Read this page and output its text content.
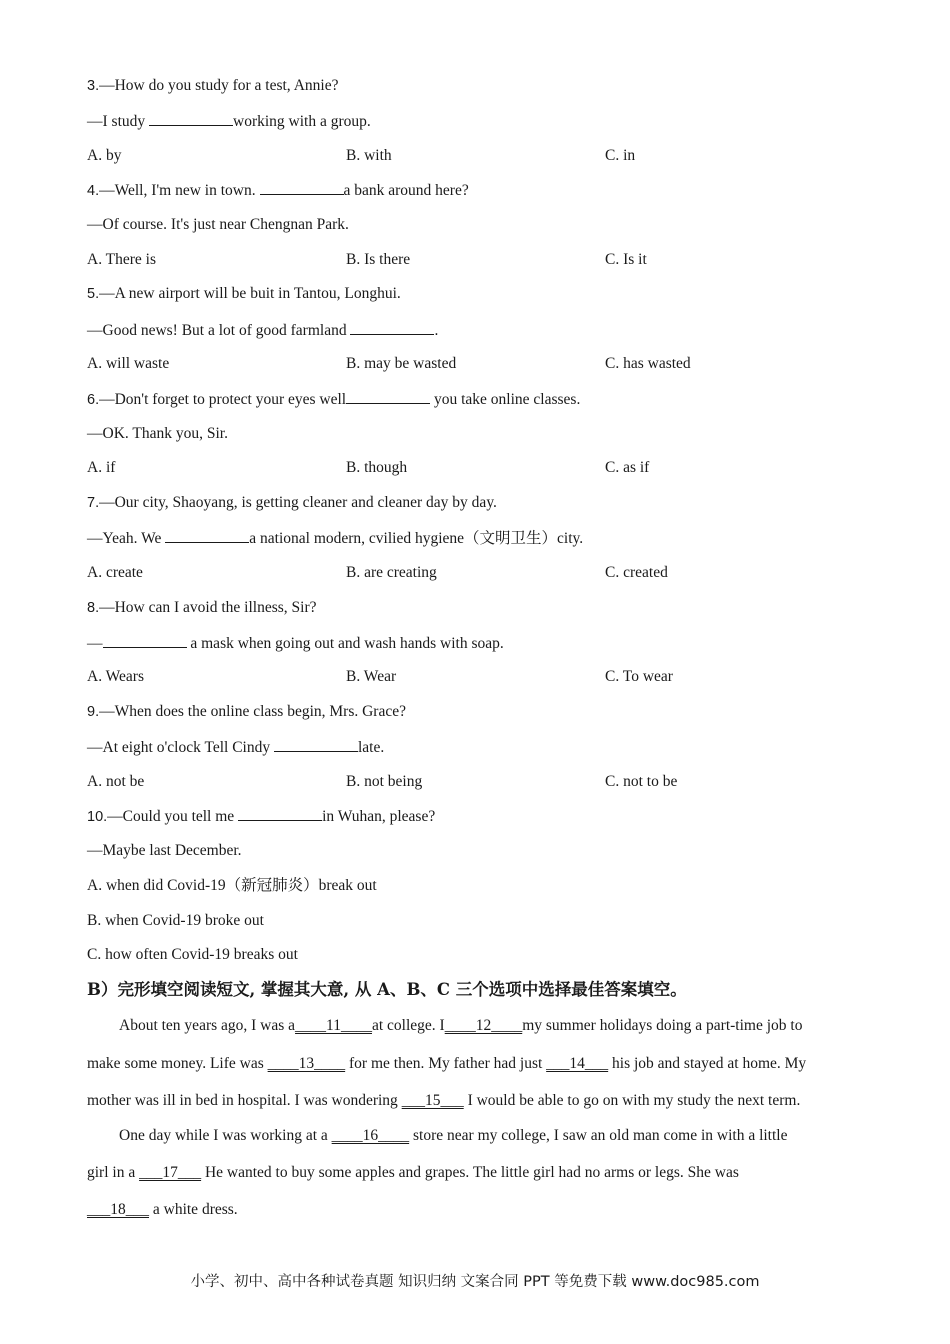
3.—How do you study for a test, Annie?
—I study	working with a group.
A. by	B. with	C. in
4.—Well, I'm new in town.	a bank around here?
—Of course. It's just near Chengnan Park.
A. There is	B. Is there	C. Is it
5.—A new airport will be buit in Tantou, Longhui.
—Good news! But a lot of good farmland	.
A. will waste	B. may be wasted	C. has wasted
6.—Don't forget to protect your eyes well	you take online classes.
—OK. Thank you, Sir.
A. if	B. though	C. as if
7.—Our city, Shaoyang, is getting cleaner and cleaner day by day.
—Yeah. We	a national modern, cvilied hygiene（文明卫生）city.
A. create	B. are creating	C. created
8.—How can I avoid the illness, Sir?
—	a mask when going out and wash hands with soap.
A. Wears	B. Wear	C. To wear
9.—When does the online class begin, Mrs. Grace?
—At eight o'clock Tell Cindy	late.
A. not be	B. not being	C. not to be
10.—Could you tell me	in Wuhan, please?
—Maybe last December.
A. when did Covid-19（新冠肺炎）break out
B. when Covid-19 broke out
C. how often Covid-19 breaks out
B）完形填空阅读短文, 掌握其大意, 从 A、B、C 三个选项中选择最佳答案填空。
About ten years ago, I was a____11____at college. I____12____my summer holidays doing a part-time job to
make some money. Life was ____13____ for me then. My father had just ___14___ his job and stayed at home. My
mother was ill in bed in hospital. I was wondering ___15___ I would be able to go on with my study the next term.
One day while I was working at a ____16____ store near my college, I saw an old man come in with a little
girl in a ___17___ He wanted to buy some apples and grapes. The little girl had no arms or legs. She was
___18___ a white dress.
小学、初中、高中各种试卷真题 知识归纳 文案合同 PPT 等免费下载 www.doc985.com
